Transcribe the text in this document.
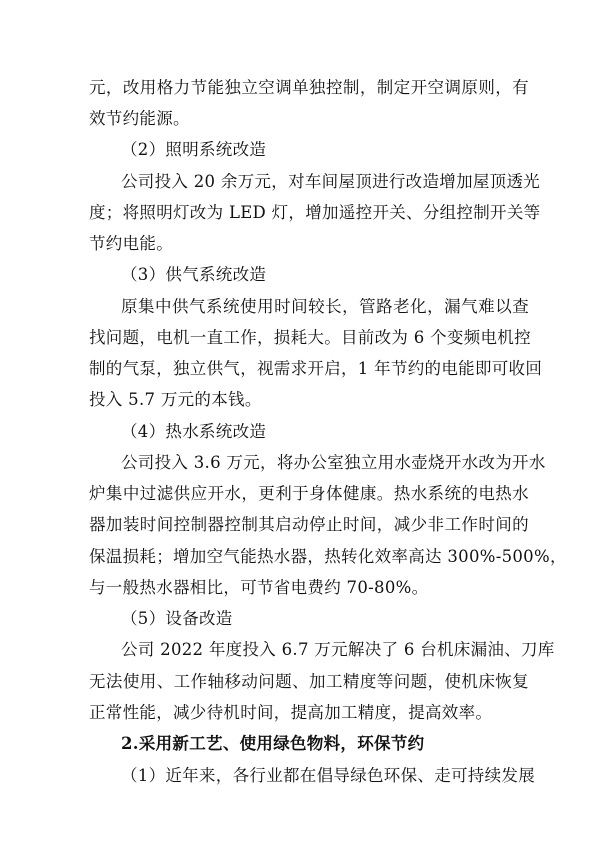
元，改用格力节能独立空调单独控制，制定开空调原则，有
效节约能源。
（2）照明系统改造
公司投入 20 余万元，对车间屋顶进行改造增加屋顶透光
度；将照明灯改为 LED 灯，增加遥控开关、分组控制开关等
节约电能。
（3）供气系统改造
原集中供气系统使用时间较长，管路老化，漏气难以查
找问题，电机一直工作，损耗大。目前改为 6 个变频电机控
制的气泵，独立供气，视需求开启，1 年节约的电能即可收回
投入 5.7 万元的本钱。
（4）热水系统改造
公司投入 3.6 万元，将办公室独立用水壶烧开水改为开水
炉集中过滤供应开水，更利于身体健康。热水系统的电热水
器加装时间控制器控制其启动停止时间，减少非工作时间的
保温损耗；增加空气能热水器，热转化效率高达 300%-500%，
与一般热水器相比，可节省电费约 70-80%。
（5）设备改造
公司 2022 年度投入 6.7 万元解决了 6 台机床漏油、刀库
无法使用、工作轴移动问题、加工精度等问题，使机床恢复
正常性能，减少待机时间，提高加工精度，提高效率。
2.采用新工艺、使用绿色物料，环保节约
（1）近年来，各行业都在倡导绿色环保、走可持续发展
